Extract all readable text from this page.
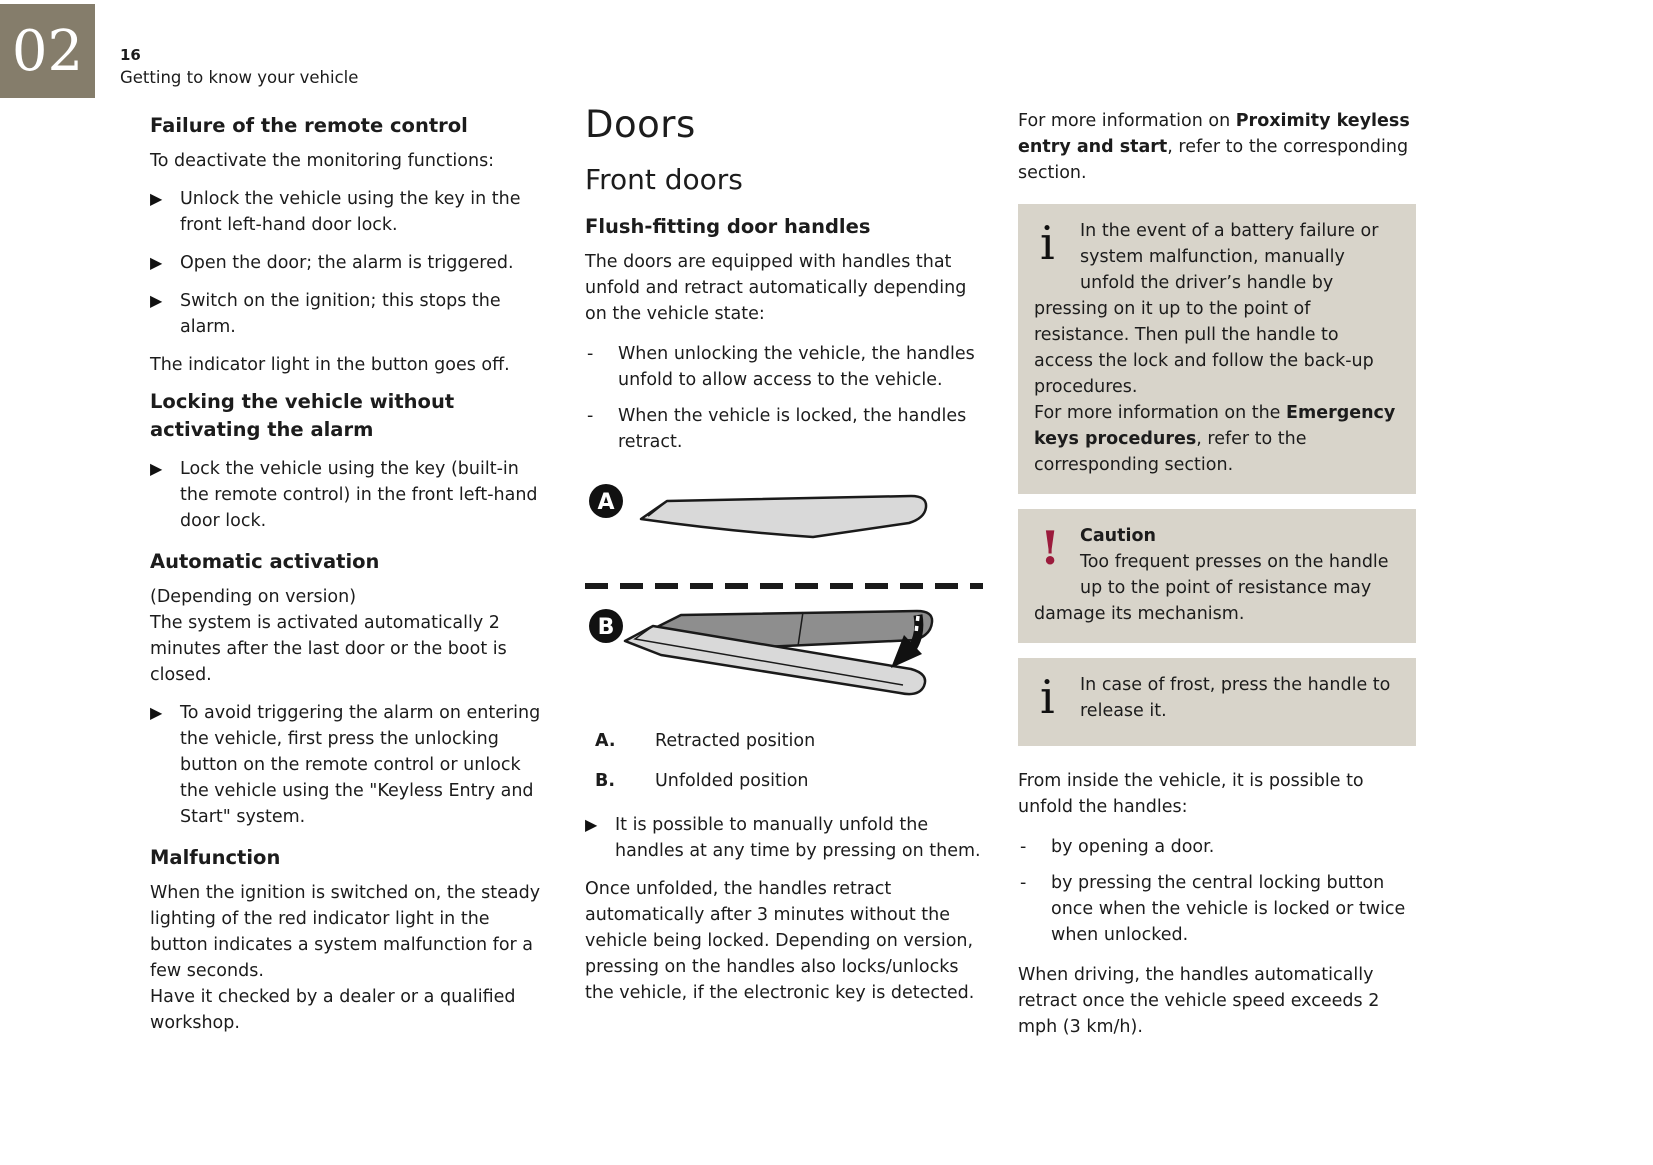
02 16

Getting to know your vehicle

Failure of the remote control

To deactivate the monitoring functions:

▶	Unlock the vehicle using the key in the front left-hand door lock.
▶	Open the door; the alarm is triggered.
▶	Switch on the ignition; this stops the alarm.

The indicator light in the button goes off.

Locking the vehicle without activating the alarm
▶	Lock the vehicle using the key (built-in the remote control) in the front left-hand door lock.
Automatic activation

(Depending on version)

The system is activated automatically 2 minutes after the last door or the boot is closed.

▶	To avoid triggering the alarm on entering the vehicle, first press the unlocking button on the remote control or unlock the vehicle using the "Keyless Entry and Start" system.
Malfunction

When the ignition is switched on, the steady lighting of the red indicator light in the button indicates a system malfunction for a few seconds.

Have it checked by a dealer or a qualified workshop.

Doors
Front doors
Flush-fitting door handles

The doors are equipped with handles that unfold and retract automatically depending on the vehicle state:

-	When unlocking the vehicle, the handles unfold to allow access to the vehicle.
-	When the vehicle is locked, the handles retract.
A
B
A.	Retracted position
B.	Unfolded position
▶	It is possible to manually unfold the handles at any time by pressing on them.

Once unfolded, the handles retract automatically after 3 minutes without the vehicle being locked. Depending on version, pressing on the handles also locks/unlocks the vehicle, if the electronic key is detected.

For more information on Proximity keyless entry and start, refer to the corresponding section.

i	In the event of a battery failure or system malfunction, manually unfold the driver’s handle by pressing on it up to the point of resistance. Then pull the handle to access the lock and follow the back-up procedures.
For more information on the Emergency keys procedures, refer to the corresponding section.
!	Caution
Too frequent presses on the handle up to the point of resistance may damage its mechanism.
i	In case of frost, press the handle to release it.

From inside the vehicle, it is possible to unfold the handles:

-	by opening a door.
-	by pressing the central locking button once when the vehicle is locked or twice when unlocked.

When driving, the handles automatically retract once the vehicle speed exceeds 2 mph (3 km/h).
